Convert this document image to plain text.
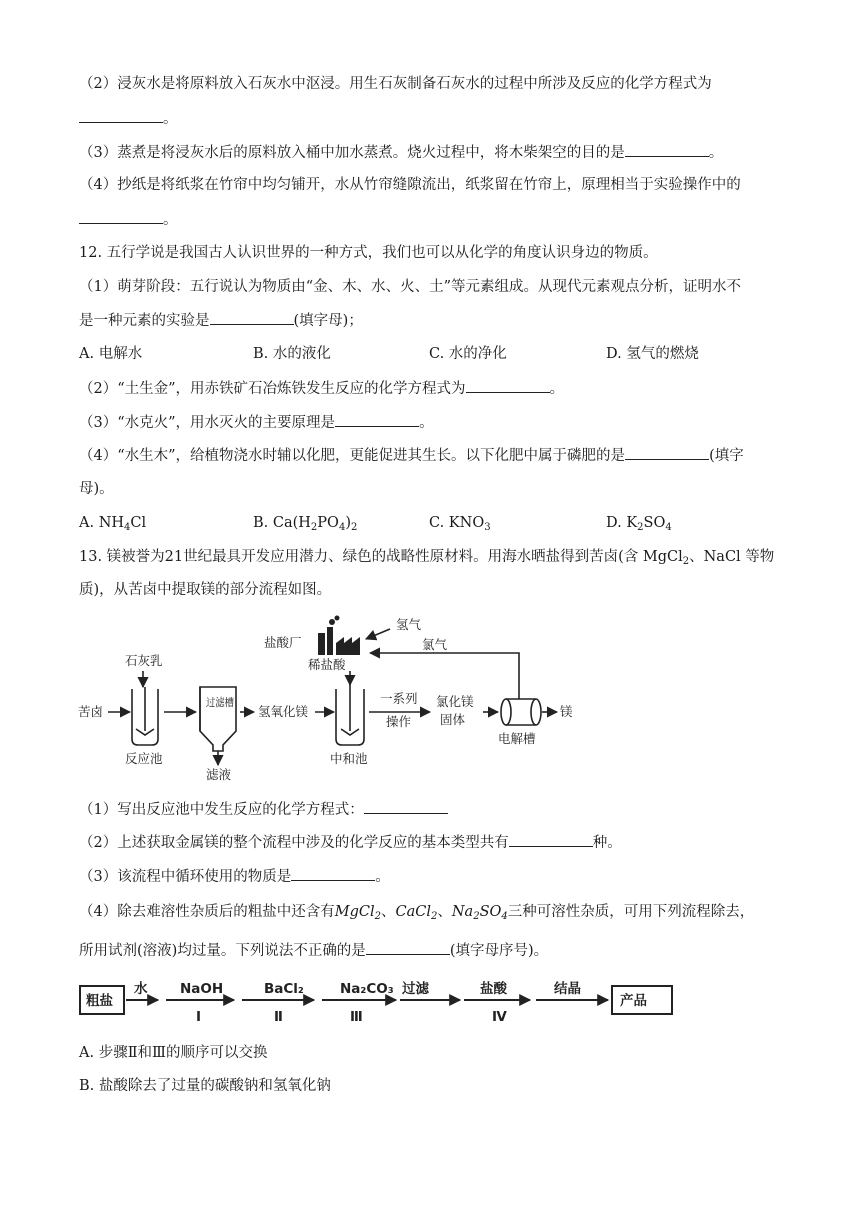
（2）浸灰水是将原料放入石灰水中沤浸。用生石灰制备石灰水的过程中所涉及反应的化学方程式为
。
（3）蒸煮是将浸灰水后的原料放入桶中加水蒸煮。烧火过程中，将木柴架空的目的是	。
（4）抄纸是将纸浆在竹帘中均匀铺开，水从竹帘缝隙流出，纸浆留在竹帘上，原理相当于实验操作中的
。
12. 五行学说是我国古人认识世界的一种方式，我们也可以从化学的角度认识身边的物质。
（1）萌芽阶段：五行说认为物质由“金、木、水、火、土”等元素组成。从现代元素观点分析，证明水不
是一种元素的实验是	(填字母)；
A. 电解水	B. 水的液化	C. 水的净化	D. 氢气的燃烧
（2）“土生金”，用赤铁矿石冶炼铁发生反应的化学方程式为	。
（3）“水克火”，用水灭火的主要原理是	。
（4）“水生木”，给植物浇水时辅以化肥，更能促进其生长。以下化肥中属于磷肥的是	(填字
母)。
A. $NH_4Cl$	B. $Ca(H_2PO_4)_2$	C. $KNO_3$	D. $K_2SO_4$
13. 镁被誉为21世纪最具开发应用潜力、绿色的战略性原材料。用海水晒盐得到苦卤(含 MgCl$_2$、NaCl 等物
质)，从苦卤中提取镁的部分流程如图。
苦卤
石灰乳
反应池
过滤槽
滤液
氢氧化镁
盐酸厂
氢气
氯气
稀盐酸
中和池
一系列
操作
氯化镁
固体
电解槽
镁
（1）写出反应池中发生反应的化学方程式：
（2）上述获取金属镁的整个流程中涉及的化学反应的基本类型共有	种。
（3）该流程中循环使用的物质是	。
（4）除去难溶性杂质后的粗盐中还含有MgCl$_2$、CaCl$_2$、$Na_2SO_4$三种可溶性杂质，可用下列流程除去，
所用试剂(溶液)均过量。下列说法不正确的是	(填字母序号)。
粗盐
水 NaOH
Ⅰ
BaCl₂
Ⅱ
Na₂CO₃
Ⅲ
过滤	盐酸
Ⅳ
结晶
产品
A. 步骤Ⅱ和Ⅲ的顺序可以交换
B. 盐酸除去了过量的碳酸钠和氢氧化钠
